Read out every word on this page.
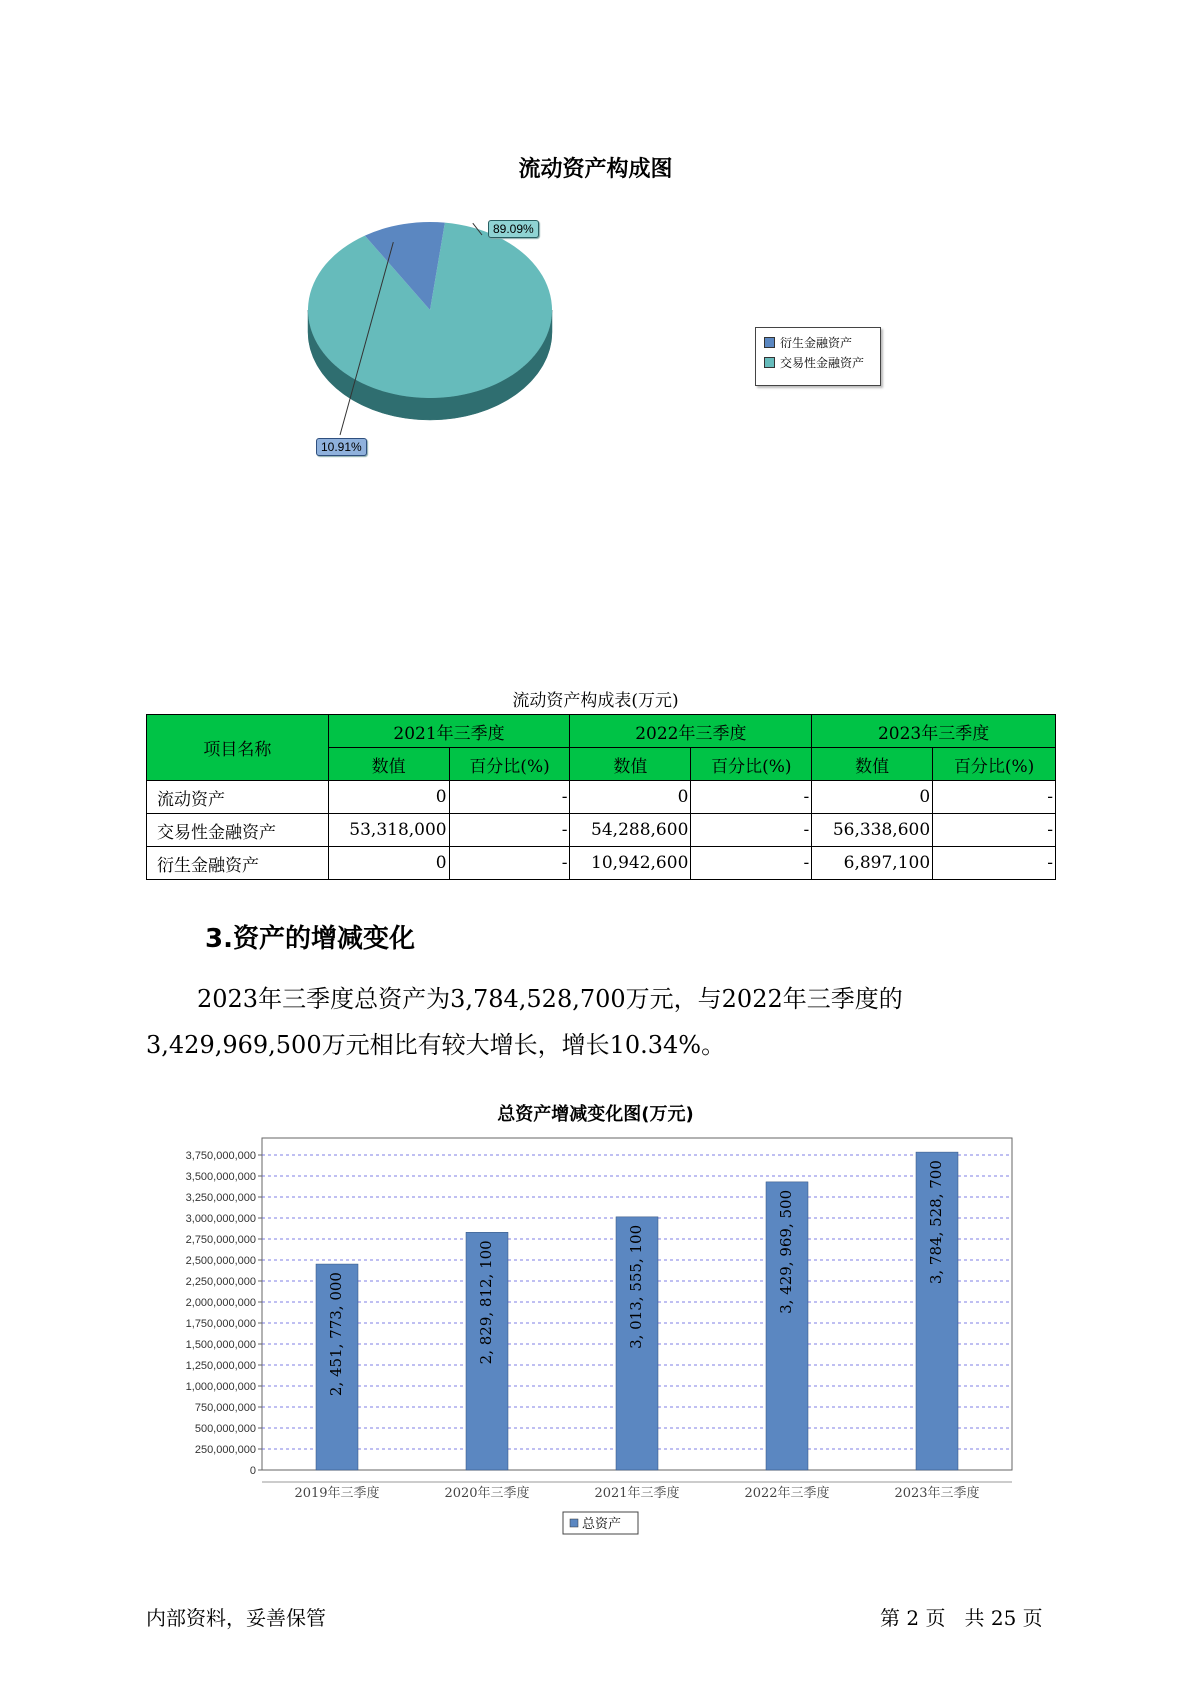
流动资产构成图
89.09%
10.91%
衍生金融资产
交易性金融资产
流动资产构成表(万元)
项目名称	2021年三季度		2022年三季度		2023年三季度	
	数值	百分比(%)	数值	百分比(%)	数值	百分比(%)
流动资产	0	-	0	-	0	-
交易性金融资产	53,318,000	-	54,288,600	-	56,338,600	-
衍生金融资产	0	-	10,942,600	-	6,897,100	-
3.资产的增减变化
2023年三季度总资产为3,784,528,700万元，与2022年三季度的3,429,969,500万元相比有较大增长，增长10.34%。
总资产增减变化图(万元)
0
250,000,000
500,000,000
750,000,000
1,000,000,000
1,250,000,000
1,500,000,000
1,750,000,000
2,000,000,000
2,250,000,000
2,500,000,000
2,750,000,000
3,000,000,000
3,250,000,000
3,500,000,000
3,750,000,000
2, 451, 773, 000
2019年三季度
2, 829, 812, 100
2020年三季度
3, 013, 555, 100
2021年三季度
3, 429, 969, 500
2022年三季度
3, 784, 528, 700
2023年三季度
总资产
内部资料，妥善保管	第 2 页   共 25 页
